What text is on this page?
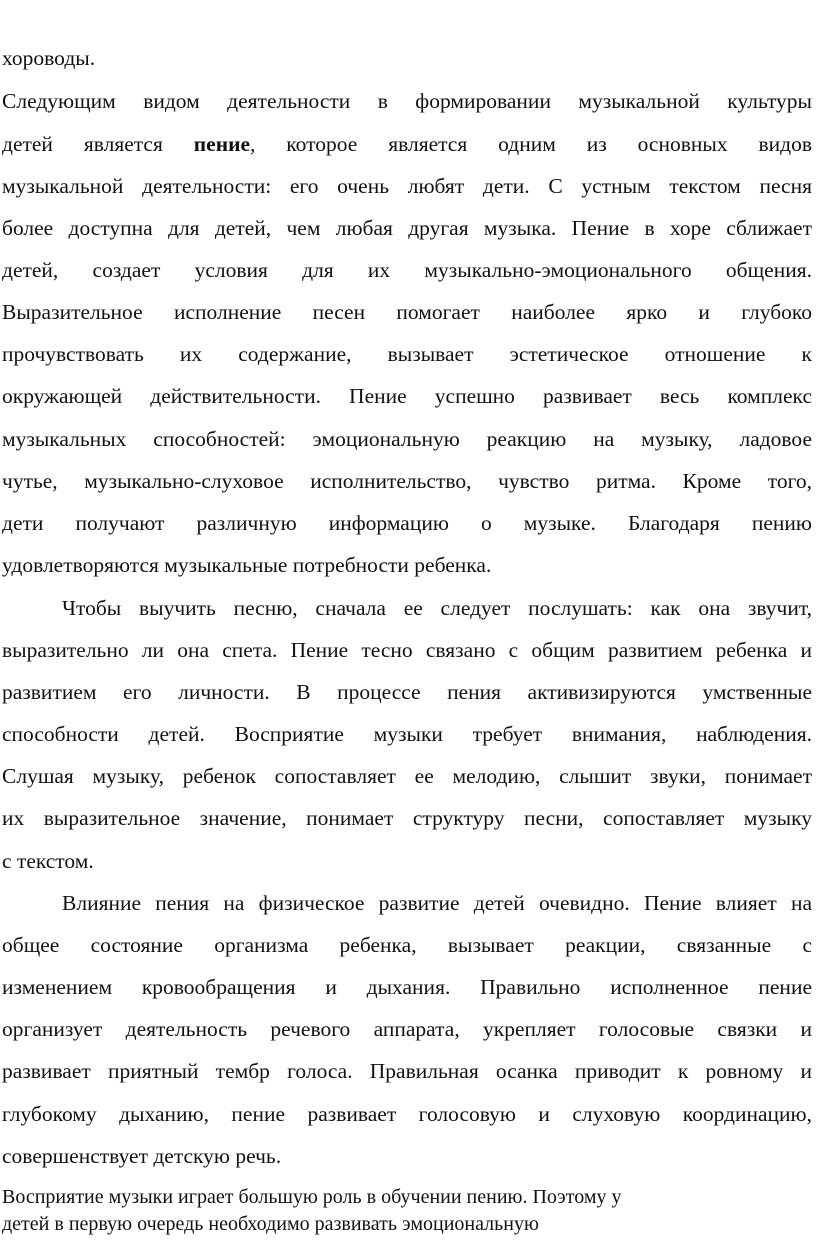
хороводы.
Следующим видом деятельности в формировании музыкальной культуры
детей является пение, которое является одним из основных видов
музыкальной деятельности: его очень любят дети. С устным текстом песня
более доступна для детей, чем любая другая музыка. Пение в хоре сближает
детей, создает условия для их музыкально-эмоционального общения.
Выразительное исполнение песен помогает наиболее ярко и глубоко
прочувствовать их содержание, вызывает эстетическое отношение к
окружающей действительности. Пение успешно развивает весь комплекс
музыкальных способностей: эмоциональную реакцию на музыку, ладовое
чутье, музыкально-слуховое исполнительство, чувство ритма. Кроме того,
дети получают различную информацию о музыке. Благодаря пению
удовлетворяются музыкальные потребности ребенка.
Чтобы выучить песню, сначала ее следует послушать: как она звучит,
выразительно ли она спета. Пение тесно связано с общим развитием ребенка и
развитием его личности. В процессе пения активизируются умственные
способности детей. Восприятие музыки требует внимания, наблюдения.
Слушая музыку, ребенок сопоставляет ее мелодию, слышит звуки, понимает
их выразительное значение, понимает структуру песни, сопоставляет музыку
с текстом.
Влияние пения на физическое развитие детей очевидно. Пение влияет на
общее состояние организма ребенка, вызывает реакции, связанные с
изменением кровообращения и дыхания. Правильно исполненное пение
организует деятельность речевого аппарата, укрепляет голосовые связки и
развивает приятный тембр голоса. Правильная осанка приводит к ровному и
глубокому дыханию, пение развивает голосовую и слуховую координацию,
совершенствует детскую речь.
Восприятие музыки играет большую роль в обучении пению. Поэтому у
детей в первую очередь необходимо развивать эмоциональную
